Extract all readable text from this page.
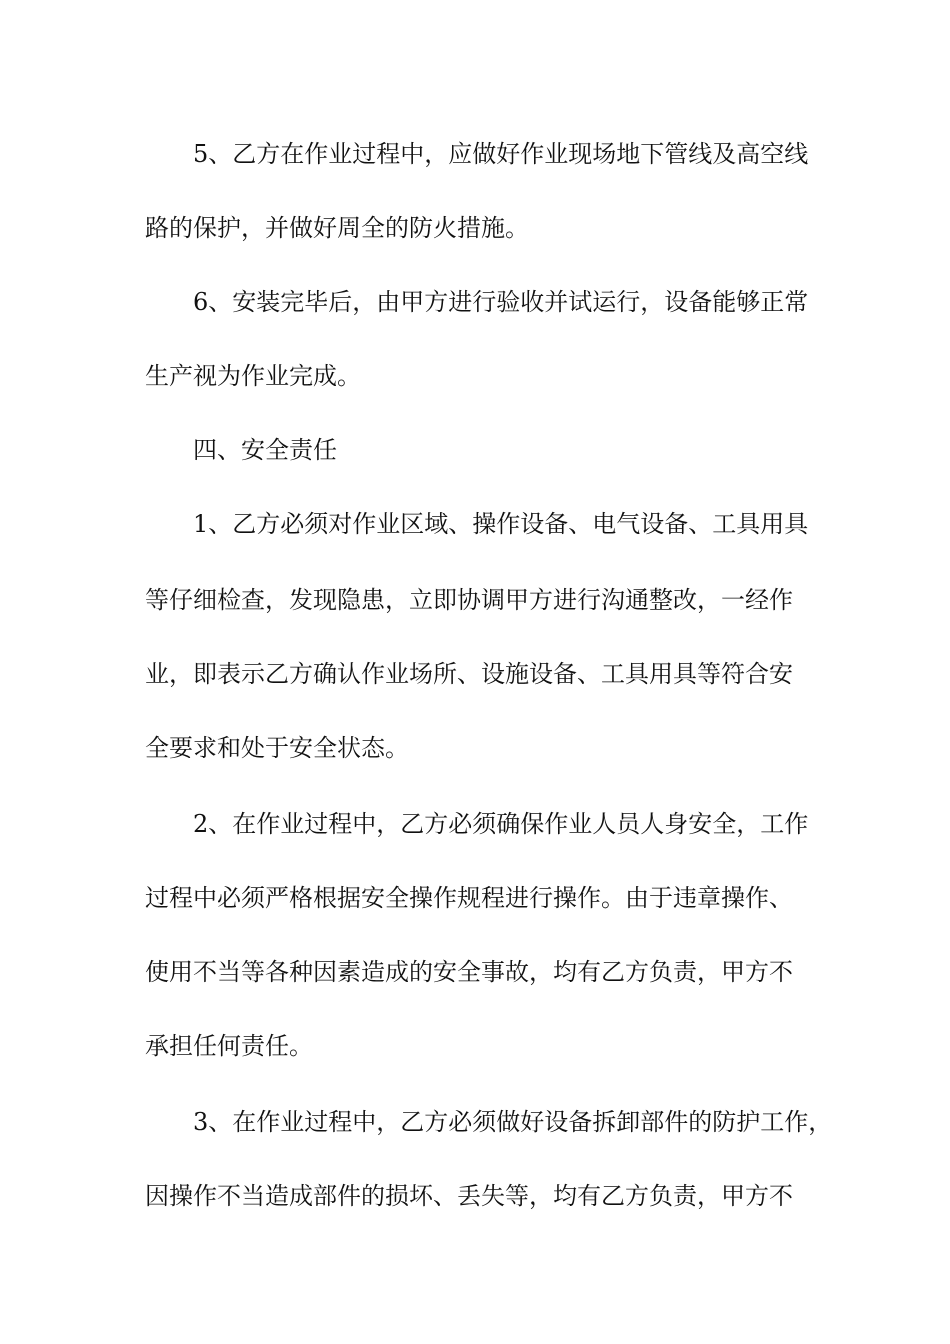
5、乙方在作业过程中，应做好作业现场地下管线及高空线
路的保护，并做好周全的防火措施。
6、安装完毕后，由甲方进行验收并试运行，设备能够正常
生产视为作业完成。
四、安全责任
1、乙方必须对作业区域、操作设备、电气设备、工具用具
等仔细检查，发现隐患，立即协调甲方进行沟通整改，一经作
业，即表示乙方确认作业场所、设施设备、工具用具等符合安
全要求和处于安全状态。
2、在作业过程中，乙方必须确保作业人员人身安全，工作
过程中必须严格根据安全操作规程进行操作。由于违章操作、
使用不当等各种因素造成的安全事故，均有乙方负责，甲方不
承担任何责任。
3、在作业过程中，乙方必须做好设备拆卸部件的防护工作，
因操作不当造成部件的损坏、丢失等，均有乙方负责，甲方不
